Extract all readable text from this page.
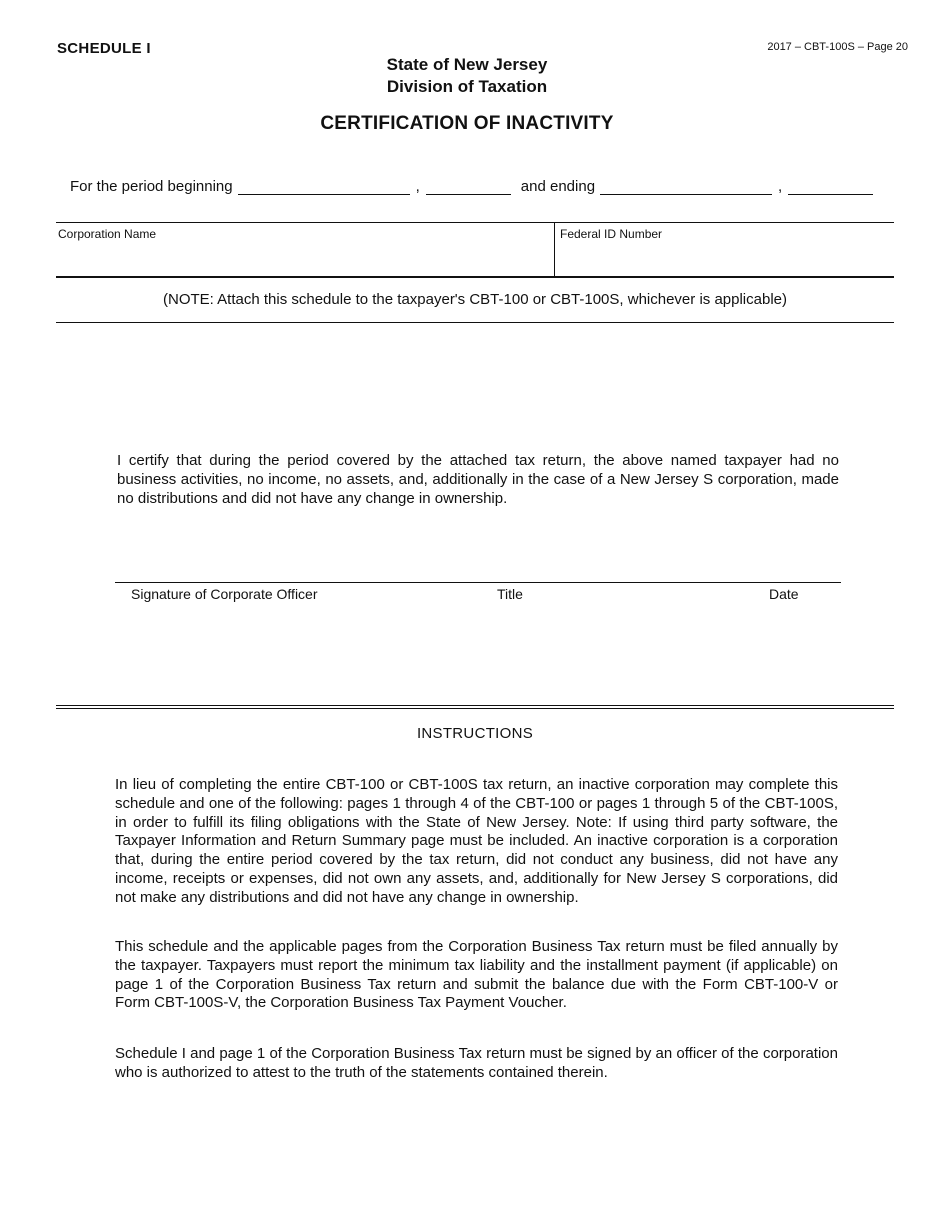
SCHEDULE I	2017 – CBT-100S – Page 20
State of New Jersey
Division of Taxation
CERTIFICATION OF INACTIVITY
For the period beginning	,	and ending	,
Corporation Name	Federal ID Number
(NOTE: Attach this schedule to the taxpayer's CBT-100 or CBT-100S, whichever is applicable)
I certify that during the period covered by the attached tax return, the above named taxpayer had no business activities, no income, no assets, and, additionally in the case of a New Jersey S corporation, made no distributions and did not have any change in ownership.
Signature of Corporate Officer	Title	Date
INSTRUCTIONS
In lieu of completing the entire CBT-100 or CBT-100S tax return, an inactive corporation may complete this schedule and one of the following: pages 1 through 4 of the CBT-100 or pages 1 through 5 of the CBT-100S, in order to fulfill its filing obligations with the State of New Jersey. Note: If using third party software, the Taxpayer Information and Return Summary page must be included. An inactive corporation is a corporation that, during the entire period covered by the tax return, did not conduct any business, did not have any income, receipts or expenses, did not own any assets, and, additionally for New Jersey S corporations, did not make any distributions and did not have any change in ownership.
This schedule and the applicable pages from the Corporation Business Tax return must be filed annually by the taxpayer. Taxpayers must report the minimum tax liability and the installment payment (if applicable) on page 1 of the Corporation Business Tax return and submit the balance due with the Form CBT-100-V or Form CBT-100S-V, the Corporation Business Tax Payment Voucher.
Schedule I and page 1 of the Corporation Business Tax return must be signed by an officer of the corporation who is authorized to attest to the truth of the statements contained therein.
